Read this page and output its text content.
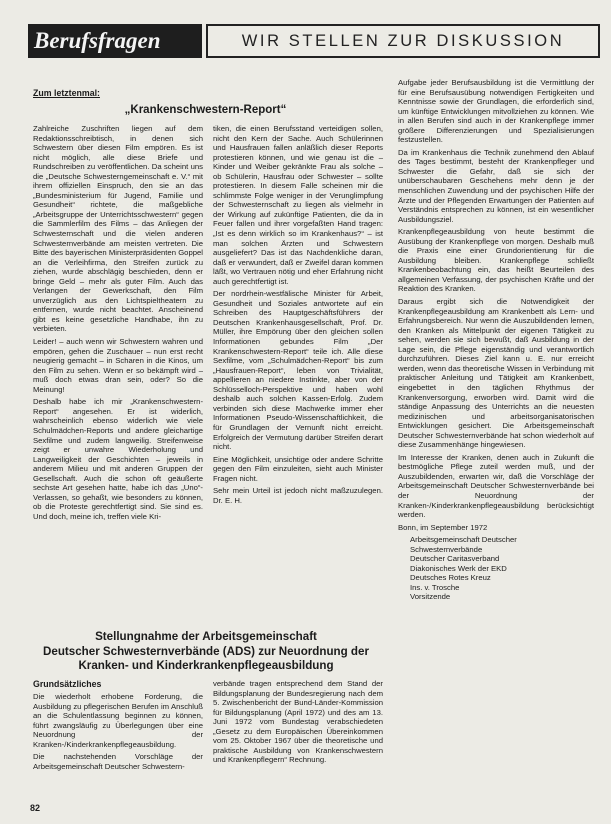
Berufsfragen	WIR STELLEN ZUR DISKUSSION
Zum letztenmal:
„Krankenschwestern-Report“

Zahlreiche Zuschriften liegen auf dem Redaktionsschreibtisch, in denen sich Schwestern über diesen Film empören. Es ist nicht möglich, alle diese Briefe und Rundschreiben zu veröffentlichen. Da scheint uns die „Deutsche Schwesterngemeinschaft e. V.“ mit ihrem offiziellen Einspruch, den sie an das „Bundesministerium für Jugend, Familie und Gesundheit“ richtete, die maßgebliche „Arbeitsgruppe der Unterrichtsschwestern“ gegen die Sammlerfilm des Films – das Anliegen der Schwesternschaft und die vielen anderen Schwesternverbände am meisten vertreten. Die Bitte des bayerischen Ministerpräsidenten Goppel an die Verleihfirma, den Streifen zurück zu ziehen, wurde abschlägig beschieden, denn er bringe Geld – mehr als guter Film. Auch das Verlangen der Gewerkschaft, den Film unverzüglich aus den Lichtspieltheatern zu entfernen, wurde nicht beachtet. Anscheinend gibt es keine gesetzliche Handhabe, ihn zu verbieten.

Leider! – auch wenn wir Schwestern wahren und empören, gehen die Zuschauer – nun erst recht neugierig gemacht – in Scharen in die Kinos, um den Film zu sehen. Wenn er so bekämpft wird – muß doch etwas dran sein, oder? So die Meinung!

Deshalb habe ich mir „Krankenschwestern-Report“ angesehen. Er ist widerlich, wahrscheinlich ebenso widerlich wie viele Schulmädchen-Reports und andere gleichartige Sexfilme und zudem langweilig. Streifenweise zeigt er unwahre Wiederholung und Langweiligkeit der Geschichten – jeweils in anderem Milieu und mit anderen Gruppen der Gesellschaft. Auch die schon oft geäußerte sechste Art gesehen hatte, habe ich das „Uno“-Verlassen, so gehaßt, wie besonders zu können, ob die Proteste gerechtfertigt sind. Sie sind es. Und doch, meine ich, treffen viele Kri-

tiken, die einen Berufsstand verteidigen sollen, nicht den Kern der Sache. Auch Schülerinnen und Hausfrauen fallen anläßlich dieser Reports protestieren können, und wie genau ist die – Kinder und Weiber gekränkte Frau als solche – ob Schülerin, Hausfrau oder Schwester – sollte protestieren. In diesem Falle scheinen mir die schlimmste Folge weniger in der Verunglimpfung der Schwesternschaft zu liegen als vielmehr in der Wirkung auf zukünftige Patienten, die da in Feuer fallen und ihrer vorgefaßten Hand tragen: „Ist es denn wirklich so im Krankenhaus?“ – ist man solchen Ärzten und Schwestern ausgeliefert? Das ist das Nachdenkliche daran, daß er verwundert, daß er Zweifel daran kommen läßt, wo Vertrauen nötig und eher Erfahrung nicht auch gerechtfertigt ist.

Der nordrhein-westfälische Minister für Arbeit, Gesundheit und Soziales antwortete auf ein Schreiben des Hauptgeschäftsführers der Deutschen Krankenhausgesellschaft, Prof. Dr. Müller, ihre Empörung über den gleichen sollen Informationen gebundes Film „Der Krankenschwestern-Report“ teile ich. Alle diese Sexfilme, vom „Schulmädchen-Report“ bis zum „Hausfrauen-Report“, leben von Trivialität, appellieren an niedere Instinkte, aber von der Schlüsselloch-Perspektive und haben wohl deshalb auch solchen Kassen-Erfolg. Zudem verbinden sich diese Machwerke immer eher Informationen Pseudo-Wissenschaftlichkeit, die für Grundlagen der Vernunft nicht erreicht. Erfolgreich der Vermutung darüber Streifen derart nicht.

Eine Möglichkeit, unsichtige oder andere Schritte gegen den Film einzuleiten, sieht auch Minister Fragen nicht.

Sehr mein Urteil ist jedoch nicht maßzuzulegen. Dr. E. H.

Aufgabe jeder Berufsausbildung ist die Vermittlung der für eine Berufsausübung notwendigen Fertigkeiten und Kenntnisse sowie der Grundlagen, die erforderlich sind, um künftige Entwicklungen mitvollziehen zu können. Wie in allen Berufen sind auch in der Krankenpflege immer größere Differenzierungen und Spezialisierungen festzustellen.

Da im Krankenhaus die Technik zunehmend den Ablauf des Tages bestimmt, besteht der Krankenpfleger und Schwester die Gefahr, daß sie sich der unüberschaubaren Geschehens mehr denn je der menschlichen Zuwendung und der psychischen Hilfe der Ärzte und der Pflegenden Erwartungen der Patienten auf Verständnis entsprechen zu können, ist ein wesentlicher Ausbildungsziel.

Krankenpflegeausbildung von heute bestimmt die Ausübung der Krankenpflege von morgen. Deshalb muß die Praxis eine einer Grundorientierung für die Ausbildung bleiben. Krankenpflege schließt Krankenbeobachtung ein, das heißt Beurteilen des allgemeinen Verfassung, der psychischen Kräfte und der Reaktion des Kranken.

Daraus ergibt sich die Notwendigkeit der Krankenpflegeausbildung am Krankenbett als Lern- und Erfahrungsbereich. Nur wenn die Auszubildenden lernen, den Kranken als Mittelpunkt der eigenen Tätigkeit zu sehen, werden sie sich bewußt, daß Ausbildung in der Lage sein, die Pflege eigenständig und verantwortlich durchzuführen. Dieses Ziel kann u. E. nur erreicht werden, wenn das theoretische Wissen in Verbindung mit praktischer Anleitung und Tätigkeit am Krankenbett, eingebettet in den täglichen Rhythmus der Krankenversorgung, erworben wird. Damit wird die ständige Anpassung des Unterrichts an die neuesten medizinischen und arbeitsorganisatorischen Entwicklungen gesichert. Die Arbeitsgemeinschaft Deutscher Schwesternverbände hat schon wiederholt auf diese Zusammenhänge hingewiesen.

Im Interesse der Kranken, denen auch in Zukunft die bestmögliche Pflege zuteil werden muß, und der Auszubildenden, erwarten wir, daß die Vorschläge der Arbeitsgemeinschaft Deutscher Schwesternverbände bei der Neuordnung der Kranken-/Kinderkrankenpflegeausbildung berücksichtigt werden.

Bonn, im September 1972

Arbeitsgemeinschaft Deutscher
Schwesternverbände
Deutscher Caritasverband
Diakonisches Werk der EKD
Deutsches Rotes Kreuz
Ins. v. Trosche
Vorsitzende
Stellungnahme der Arbeitsgemeinschaft
Deutscher Schwesternverbände (ADS) zur Neuordnung der
Kranken- und Kinderkrankenpflegeausbildung
Grundsätzliches

Die wiederholt erhobene Forderung, die Ausbildung zu pflegerischen Berufen im Anschluß an die Schulentlassung beginnen zu können, führt zwangsläufig zu Überlegungen über eine Neuordnung der Kranken-/Kinderkrankenpflegeausbildung.

Die nachstehenden Vorschläge der Arbeitsgemeinschaft Deutscher Schwestern-

verbände tragen entsprechend dem Stand der Bildungsplanung der Bundesregierung nach dem 5. Zwischenbericht der Bund-Länder-Kommission für Bildungsplanung (April 1972) und des am 13. Juni 1972 vom Bundestag verabschiedeten „Gesetz zu dem Europäischen Übereinkommen vom 25. Oktober 1967 über die theoretische und praktische Ausbildung von Krankenschwestern und Krankenpflegern“ Rechnung.

82
